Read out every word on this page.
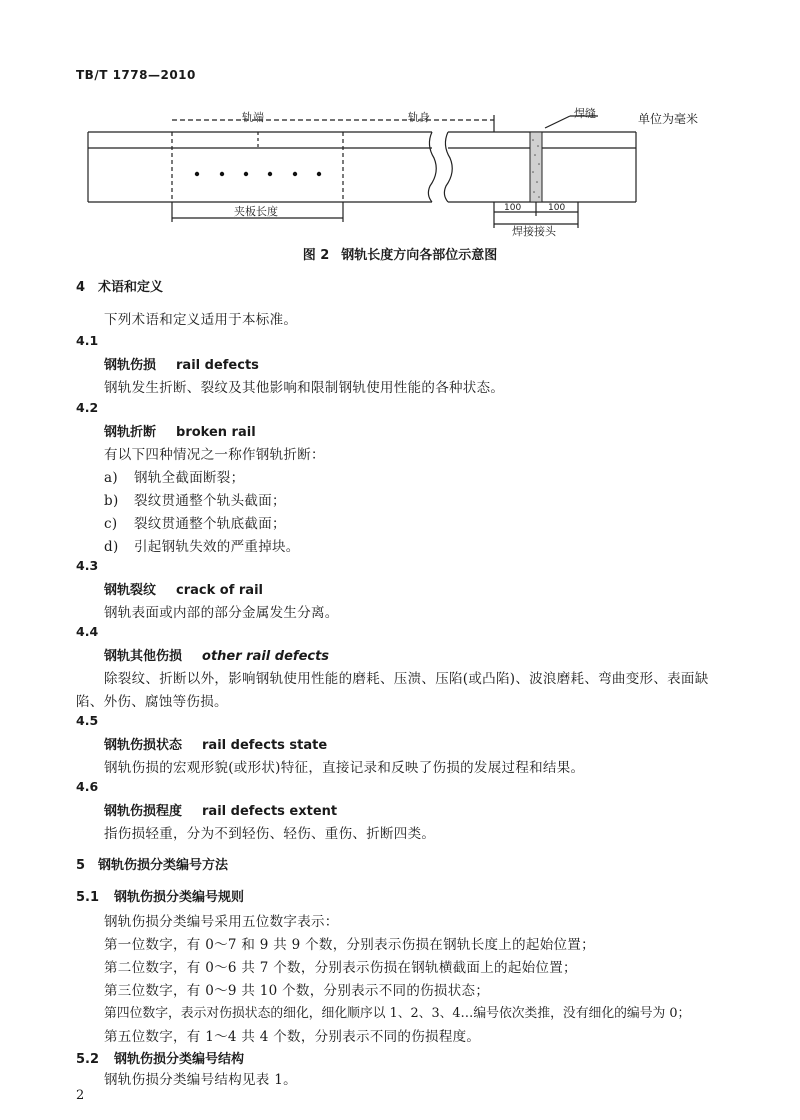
TB/T 1778—2010
轨端	轨身	焊缝
夹板长度	100	100
焊接接头
单位为毫米
图 2 钢轨长度方向各部位示意图
4 术语和定义
下列术语和定义适用于本标准。
4.1
钢轨伤损 rail defects
钢轨发生折断、裂纹及其他影响和限制钢轨使用性能的各种状态。
4.2
钢轨折断 broken rail
有以下四种情况之一称作钢轨折断：
a) 钢轨全截面断裂；
b) 裂纹贯通整个轨头截面；
c) 裂纹贯通整个轨底截面；
d) 引起钢轨失效的严重掉块。
4.3
钢轨裂纹 crack of rail
钢轨表面或内部的部分金属发生分离。
4.4
钢轨其他伤损 other rail defects
除裂纹、折断以外，影响钢轨使用性能的磨耗、压溃、压陷(或凸陷)、波浪磨耗、弯曲变形、表面缺
陷、外伤、腐蚀等伤损。
4.5
钢轨伤损状态 rail defects state
钢轨伤损的宏观形貌(或形状)特征，直接记录和反映了伤损的发展过程和结果。
4.6
钢轨伤损程度 rail defects extent
指伤损轻重，分为不到轻伤、轻伤、重伤、折断四类。
5 钢轨伤损分类编号方法
5.1 钢轨伤损分类编号规则
钢轨伤损分类编号采用五位数字表示：
第一位数字，有 0～7 和 9 共 9 个数，分别表示伤损在钢轨长度上的起始位置；
第二位数字，有 0～6 共 7 个数，分别表示伤损在钢轨横截面上的起始位置；
第三位数字，有 0～9 共 10 个数，分别表示不同的伤损状态；
第四位数字，表示对伤损状态的细化，细化顺序以 1、2、3、4…编号依次类推，没有细化的编号为 0；
第五位数字，有 1～4 共 4 个数，分别表示不同的伤损程度。
5.2 钢轨伤损分类编号结构
钢轨伤损分类编号结构见表 1。
2
